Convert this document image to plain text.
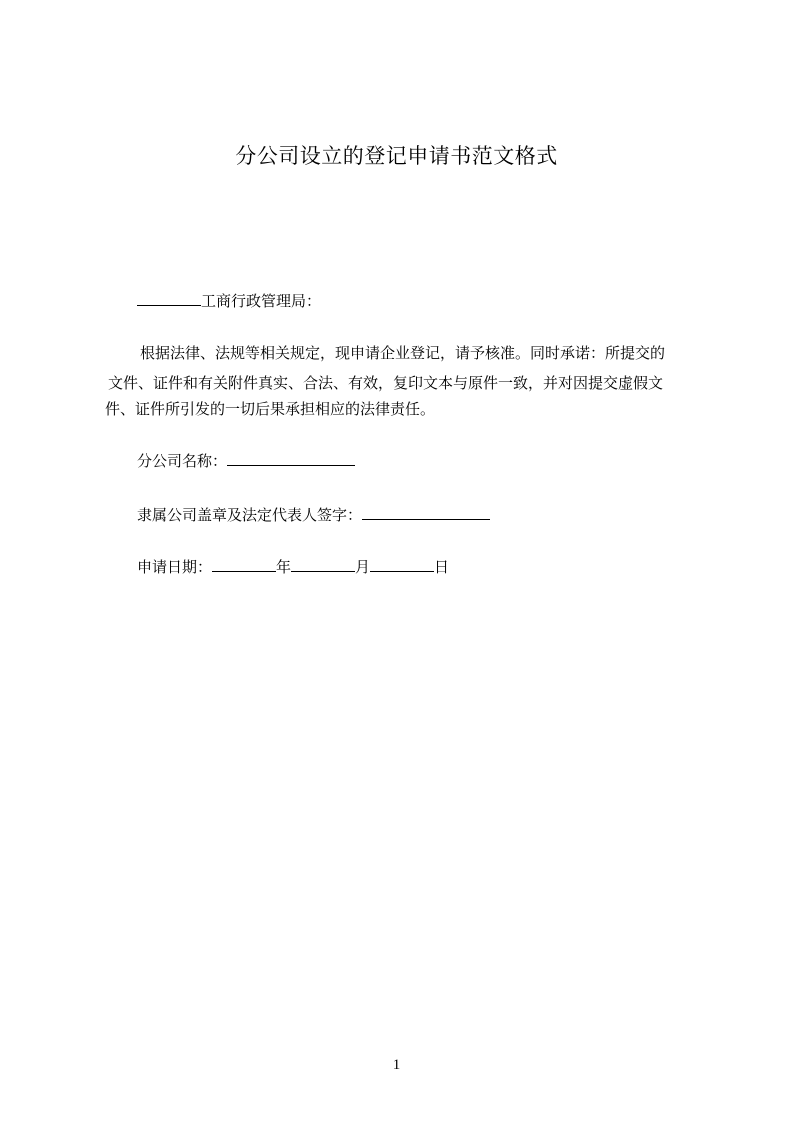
分公司设立的登记申请书范文格式
工商行政管理局：
根据法律、法规等相关规定，现申请企业登记，请予核准。同时承诺：所提交的
文件、证件和有关附件真实、合法、有效，复印文本与原件一致，并对因提交虚假文
件、证件所引发的一切后果承担相应的法律责任。
分公司名称：
隶属公司盖章及法定代表人签字：
申请日期：	年	月	日
1
